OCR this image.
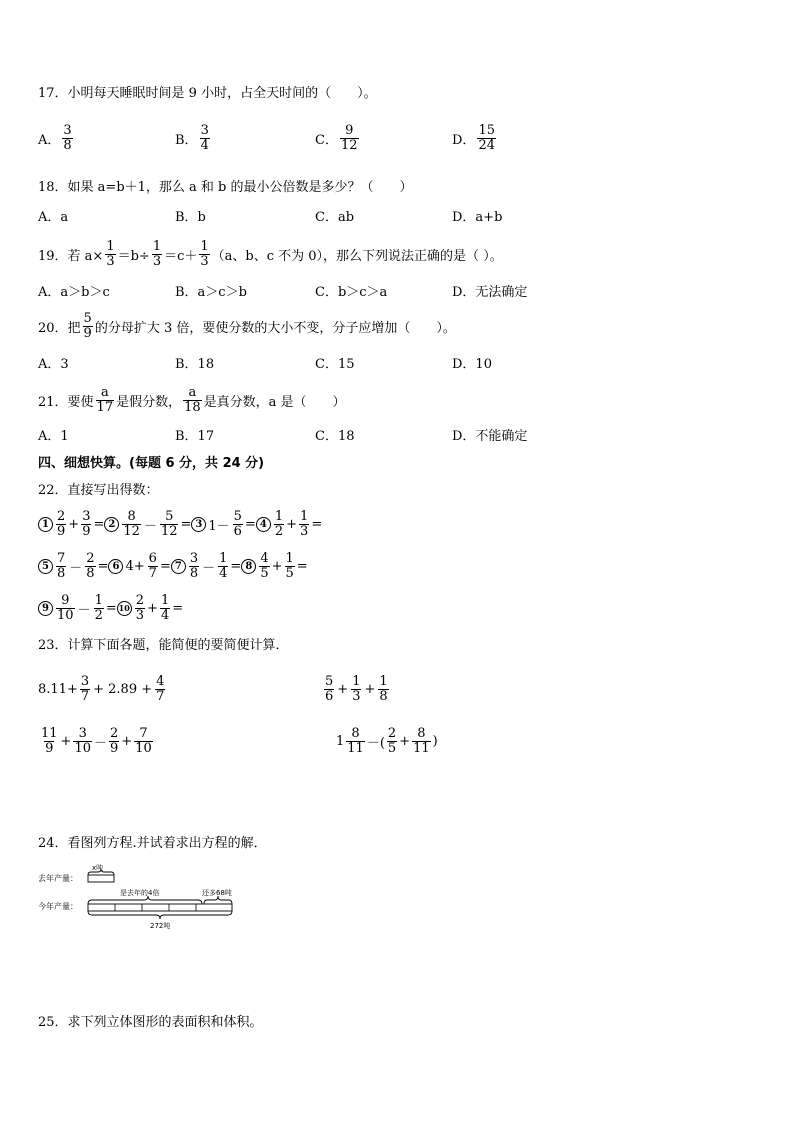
17．小明每天睡眠时间是 9 小时，占全天时间的（　　）。
A． $\frac{3}{8}$	B． $\frac{3}{4}$	C． $\frac{9}{12}$	D． $\frac{15}{24}$
18．如果 a=b＋1，那么 a 和 b 的最小公倍数是多少？（　　）
A．a	B．b	C．ab	D．a+b
19．若 $a\times \frac{1}{3} =b\div \frac{1}{3} =c+ \frac{1}{3} (a$、b、c 不为 0），那么下列说法正确的是（ ）。
A．a＞b＞c	B．a＞c＞b	C．b＞c＞a	D．无法确定
20．把 $\frac{5}{9}$ 的分母扩大 3 倍，要使分数的大小不变，分子应增加（　　）。
A．3	B．18	C．15	D．10
21．要使 $\frac{a}{17}$ 是假分数， $\frac{a}{18}$ 是真分数，a 是（　　）
A．1	B．17	C．18	D．不能确定
四、细想快算。(每题 6 分，共 24 分)
22．直接写出得数：
$1 \frac{2}{9} + \frac{3}{9} = 2 \frac{8}{12} - \frac{5}{12} = 3$ $1- \frac{5}{6} = 4 \frac{1}{2} + \frac{1}{3}$ =
$5 \frac{7}{8} - \frac{2}{8} = 6$ $4+ \frac{6}{7} = 7 \frac{3}{8} - \frac{1}{4} = 8 \frac{4}{5} + \frac{1}{5}$ =
$9 \frac{9}{10} - \frac{1}{2} = 10 \frac{2}{3} + \frac{1}{4}$ =
23．计算下面各题，能简便的要简便计算．
$8.11+ \frac{3}{7} + 2.89 + \frac{4}{7}$	$\frac{5}{6} + \frac{1}{3} + \frac{1}{8}$
$\frac{11}{9} + \frac{3}{10} - \frac{2}{9} + \frac{7}{10}$	$1 \frac{8}{11}$ －( $\frac{2}{5} + \frac{8}{11}$ )
24．看图列方程.并试着求出方程的解．
去年产量：
x吨
今年产量：
是去年的4倍	还多68吨
272吨
25．求下列立体图形的表面积和体积。
